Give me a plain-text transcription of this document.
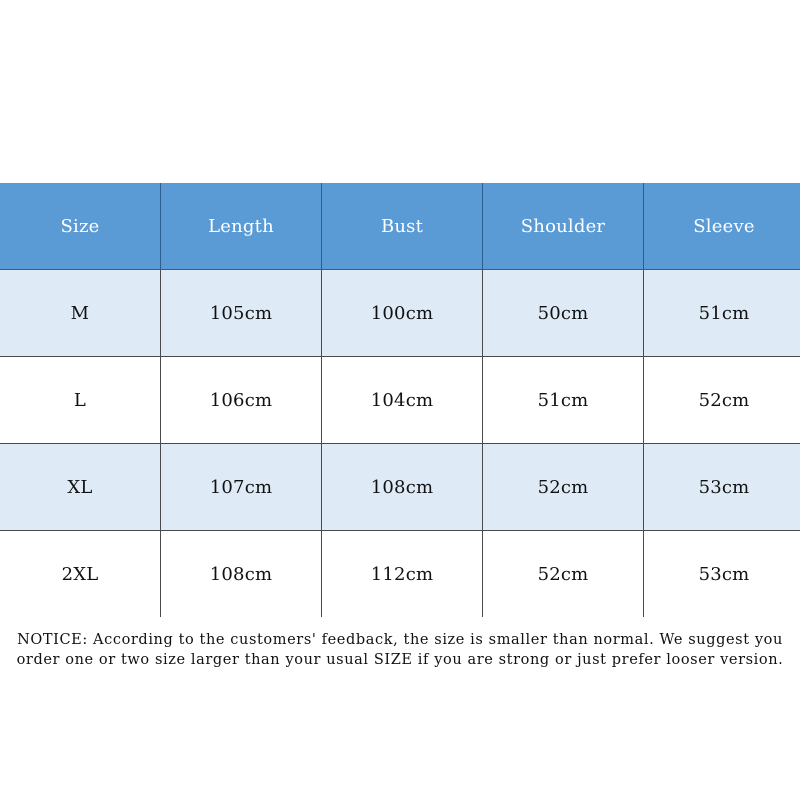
Size	Length	Bust	Shoulder	Sleeve
M	105cm	100cm	50cm	51cm
L	106cm	104cm	51cm	52cm
XL	107cm	108cm	52cm	53cm
2XL	108cm	112cm	52cm	53cm

NOTICE: According to the customers' feedback, the size is smaller than normal. We suggest you order one or two size larger than your usual SIZE if you are strong or just prefer looser version.
